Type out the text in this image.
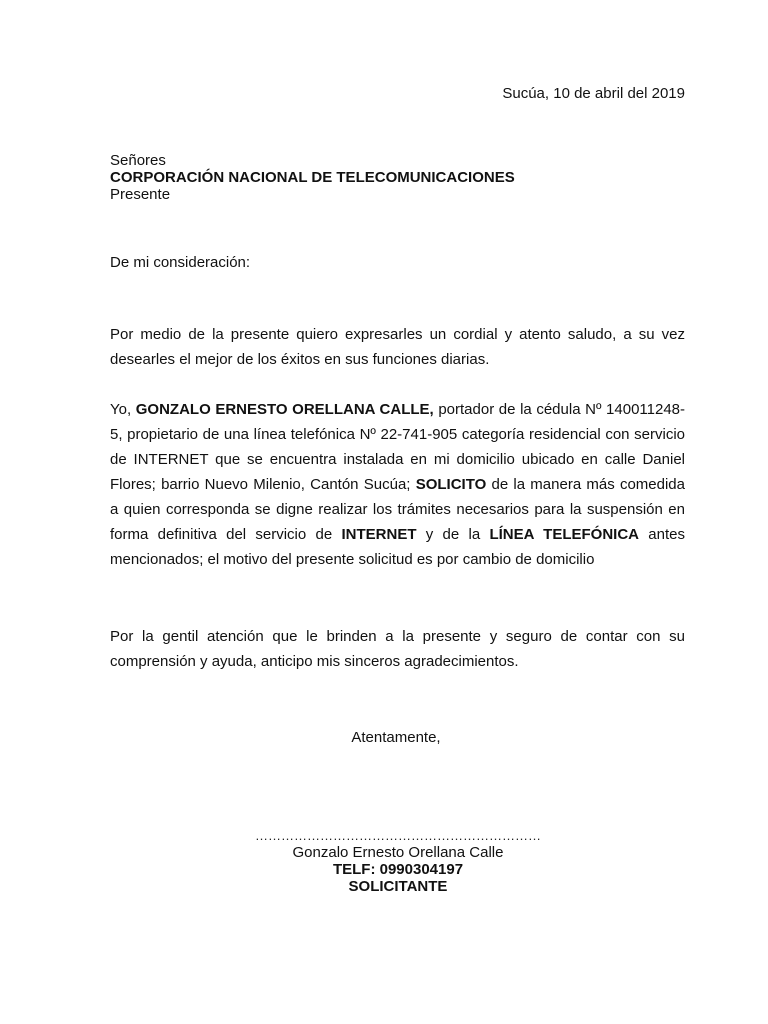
Sucúa, 10 de abril del 2019
Señores
CORPORACIÓN NACIONAL DE TELECOMUNICACIONES
Presente
De mi consideración:

Por medio de la presente quiero expresarles un cordial y atento saludo, a su vez desearles el mejor de los éxitos en sus funciones diarias.

Yo, GONZALO ERNESTO ORELLANA CALLE, portador de la cédula Nº 140011248-5, propietario de una línea telefónica Nº 22-741-905 categoría residencial con servicio de INTERNET que se encuentra instalada en mi domicilio ubicado en calle Daniel Flores; barrio Nuevo Milenio, Cantón Sucúa; SOLICITO de la manera más comedida a quien corresponda se digne realizar los trámites necesarios para la suspensión en forma definitiva del servicio de INTERNET y de la LÍNEA TELEFÓNICA antes mencionados; el motivo del presente solicitud es por cambio de domicilio

Por la gentil atención que le brinden a la presente y seguro de contar con su comprensión y ayuda, anticipo mis sinceros agradecimientos.

Atentamente,
…………………………………………………………
Gonzalo Ernesto Orellana Calle
TELF: 0990304197
SOLICITANTE
